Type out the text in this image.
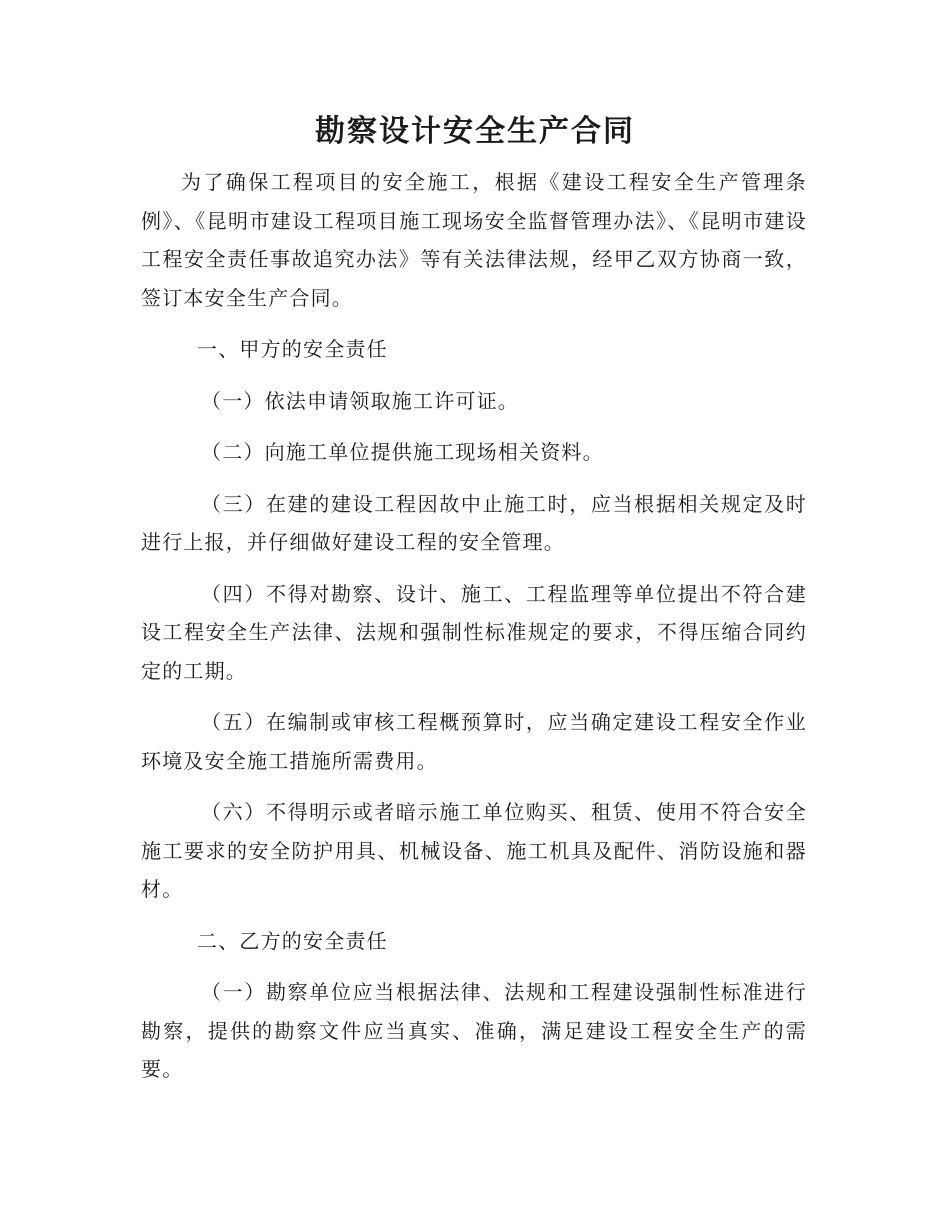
勘察设计安全生产合同

为了确保工程项目的安全施工，根据《建设工程安全生产管理条例》、《昆明市建设工程项目施工现场安全监督管理办法》、《昆明市建设工程安全责任事故追究办法》等有关法律法规，经甲乙双方协商一致，签订本安全生产合同。

一、甲方的安全责任

（一）依法申请领取施工许可证。

（二）向施工单位提供施工现场相关资料。

（三）在建的建设工程因故中止施工时，应当根据相关规定及时进行上报，并仔细做好建设工程的安全管理。

（四）不得对勘察、设计、施工、工程监理等单位提出不符合建设工程安全生产法律、法规和强制性标准规定的要求，不得压缩合同约定的工期。

（五）在编制或审核工程概预算时，应当确定建设工程安全作业环境及安全施工措施所需费用。

（六）不得明示或者暗示施工单位购买、租赁、使用不符合安全施工要求的安全防护用具、机械设备、施工机具及配件、消防设施和器材。

二、乙方的安全责任

（一）勘察单位应当根据法律、法规和工程建设强制性标准进行勘察，提供的勘察文件应当真实、准确，满足建设工程安全生产的需要。
